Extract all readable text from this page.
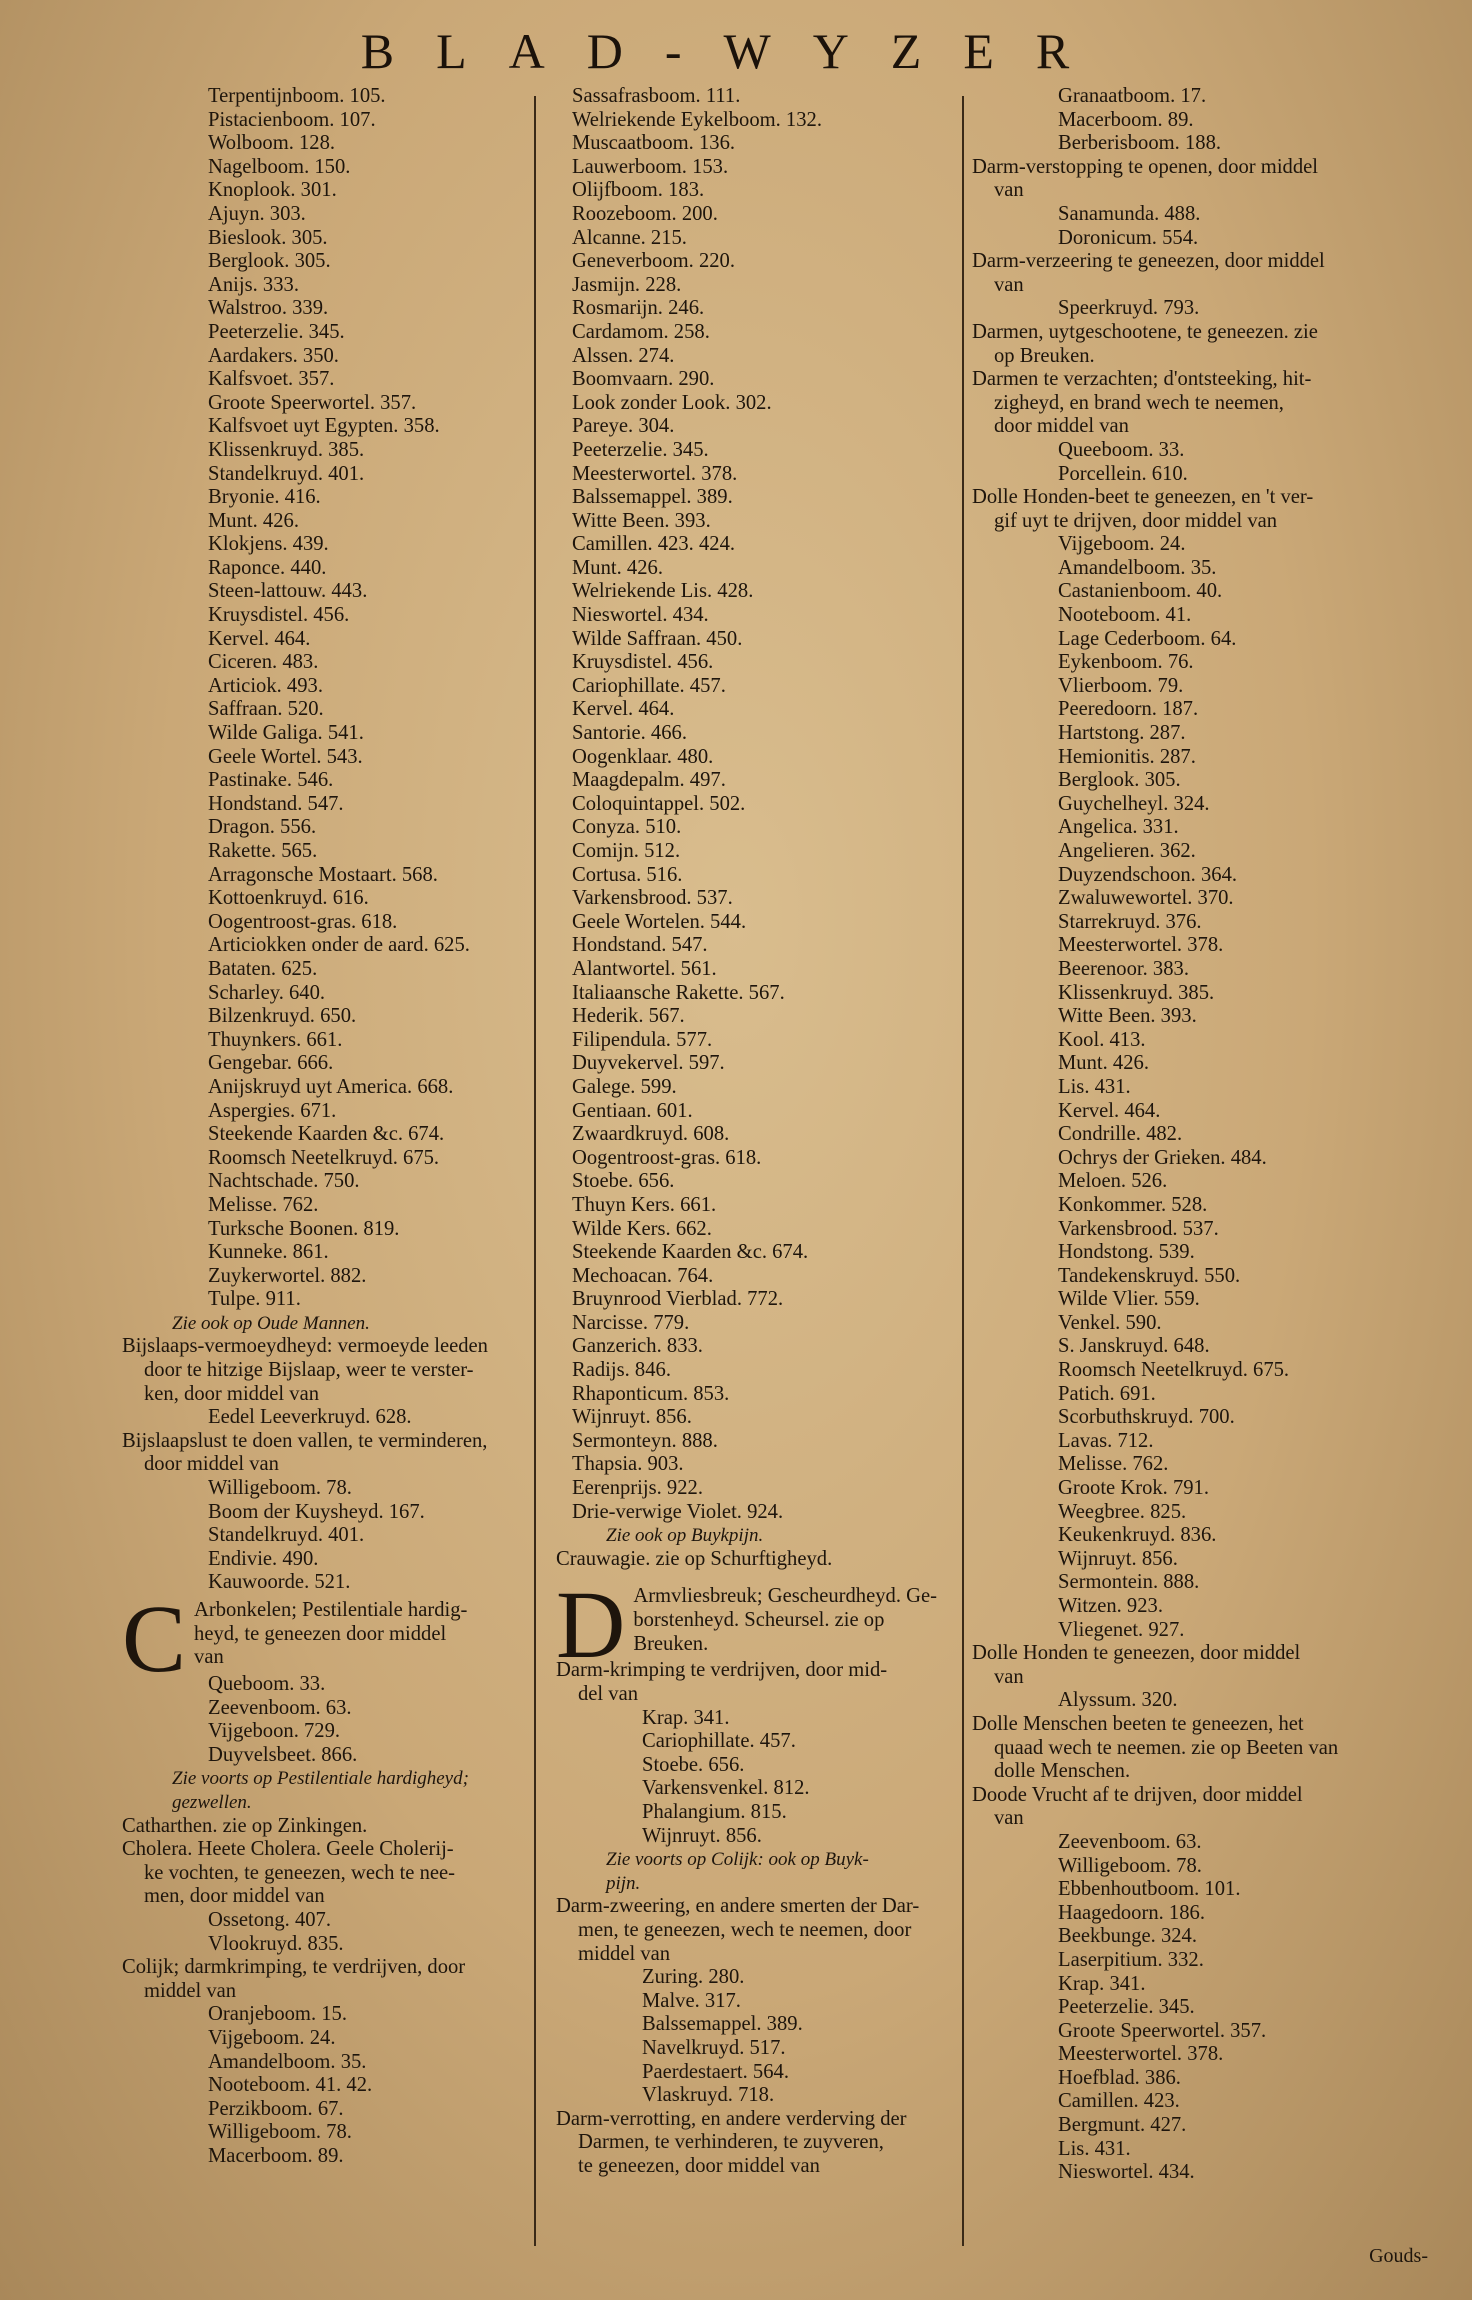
BLAD-WYZER
Terpentijnboom. 105.
Pistacienboom. 107.
Wolboom. 128.
Nagelboom. 150.
Knoplook. 301.
Ajuyn. 303.
Bieslook. 305.
Berglook. 305.
Anijs. 333.
Walstroo. 339.
Peeterzelie. 345.
Aardakers. 350.
Kalfsvoet. 357.
Groote Speerwortel. 357.
Kalfsvoet uyt Egypten. 358.
Klissenkruyd. 385.
Standelkruyd. 401.
Bryonie. 416.
Munt. 426.
Klokjens. 439.
Raponce. 440.
Steen-lattouw. 443.
Kruysdistel. 456.
Kervel. 464.
Ciceren. 483.
Articiok. 493.
Saffraan. 520.
Wilde Galiga. 541.
Geele Wortel. 543.
Pastinake. 546.
Hondstand. 547.
Dragon. 556.
Rakette. 565.
Arragonsche Mostaart. 568.
Kottoenkruyd. 616.
Oogentroost-gras. 618.
Articiokken onder de aard. 625.
Bataten. 625.
Scharley. 640.
Bilzenkruyd. 650.
Thuynkers. 661.
Gengebar. 666.
Anijskruyd uyt America. 668.
Aspergies. 671.
Steekende Kaarden &c. 674.
Roomsch Neetelkruyd. 675.
Nachtschade. 750.
Melisse. 762.
Turksche Boonen. 819.
Kunneke. 861.
Zuykerwortel. 882.
Tulpe. 911.
Zie ook op Oude Mannen.
Bijslaaps-vermoeydheyd: vermoeyde leeden
door te hitzige Bijslaap, weer te verster-
ken, door middel van
Eedel Leeverkruyd. 628.
Bijslaapslust te doen vallen, te verminderen,
door middel van
Willigeboom. 78.
Boom der Kuysheyd. 167.
Standelkruyd. 401.
Endivie. 490.
Kauwoorde. 521.
C Arbonkelen; Pestilentiale hardig-
heyd, te geneezen door middel
van
Queboom. 33.
Zeevenboom. 63.
Vijgeboon. 729.
Duyvelsbeet. 866.
Zie voorts op Pestilentiale hardigheyd;
gezwellen.
Catharthen. zie op Zinkingen.
Cholera. Heete Cholera. Geele Cholerij-
ke vochten, te geneezen, wech te nee-
men, door middel van
Ossetong. 407.
Vlookruyd. 835.
Colijk; darmkrimping, te verdrijven, door
middel van
Oranjeboom. 15.
Vijgeboom. 24.
Amandelboom. 35.
Nooteboom. 41. 42.
Perzikboom. 67.
Willigeboom. 78.
Macerboom. 89.
Sassafrasboom. 111.
Welriekende Eykelboom. 132.
Muscaatboom. 136.
Lauwerboom. 153.
Olijfboom. 183.
Roozeboom. 200.
Alcanne. 215.
Geneverboom. 220.
Jasmijn. 228.
Rosmarijn. 246.
Cardamom. 258.
Alssen. 274.
Boomvaarn. 290.
Look zonder Look. 302.
Pareye. 304.
Peeterzelie. 345.
Meesterwortel. 378.
Balssemappel. 389.
Witte Been. 393.
Camillen. 423. 424.
Munt. 426.
Welriekende Lis. 428.
Nieswortel. 434.
Wilde Saffraan. 450.
Kruysdistel. 456.
Cariophillate. 457.
Kervel. 464.
Santorie. 466.
Oogenklaar. 480.
Maagdepalm. 497.
Coloquintappel. 502.
Conyza. 510.
Comijn. 512.
Cortusa. 516.
Varkensbrood. 537.
Geele Wortelen. 544.
Hondstand. 547.
Alantwortel. 561.
Italiaansche Rakette. 567.
Hederik. 567.
Filipendula. 577.
Duyvekervel. 597.
Galege. 599.
Gentiaan. 601.
Zwaardkruyd. 608.
Oogentroost-gras. 618.
Stoebe. 656.
Thuyn Kers. 661.
Wilde Kers. 662.
Steekende Kaarden &c. 674.
Mechoacan. 764.
Bruynrood Vierblad. 772.
Narcisse. 779.
Ganzerich. 833.
Radijs. 846.
Rhaponticum. 853.
Wijnruyt. 856.
Sermonteyn. 888.
Thapsia. 903.
Eerenprijs. 922.
Drie-verwige Violet. 924.
Zie ook op Buykpijn.
Crauwagie. zie op Schurftigheyd.
D Armvliesbreuk; Gescheurdheyd. Ge-
borstenheyd. Scheursel. zie op
Breuken.
Darm-krimping te verdrijven, door mid-
del van
Krap. 341.
Cariophillate. 457.
Stoebe. 656.
Varkensvenkel. 812.
Phalangium. 815.
Wijnruyt. 856.
Zie voorts op Colijk: ook op Buyk-
pijn.
Darm-zweering, en andere smerten der Dar-
men, te geneezen, wech te neemen, door
middel van
Zuring. 280.
Malve. 317.
Balssemappel. 389.
Navelkruyd. 517.
Paerdestaert. 564.
Vlaskruyd. 718.
Darm-verrotting, en andere verderving der
Darmen, te verhinderen, te zuyveren,
te geneezen, door middel van
Granaatboom. 17.
Macerboom. 89.
Berberisboom. 188.
Darm-verstopping te openen, door middel
van
Sanamunda. 488.
Doronicum. 554.
Darm-verzeering te geneezen, door middel
van
Speerkruyd. 793.
Darmen, uytgeschootene, te geneezen. zie
op Breuken.
Darmen te verzachten; d'ontsteeking, hit-
zigheyd, en brand wech te neemen,
door middel van
Queeboom. 33.
Porcellein. 610.
Dolle Honden-beet te geneezen, en 't ver-
gif uyt te drijven, door middel van
Vijgeboom. 24.
Amandelboom. 35.
Castanienboom. 40.
Nooteboom. 41.
Lage Cederboom. 64.
Eykenboom. 76.
Vlierboom. 79.
Peeredoorn. 187.
Hartstong. 287.
Hemionitis. 287.
Berglook. 305.
Guychelheyl. 324.
Angelica. 331.
Angelieren. 362.
Duyzendschoon. 364.
Zwaluwewortel. 370.
Starrekruyd. 376.
Meesterwortel. 378.
Beerenoor. 383.
Klissenkruyd. 385.
Witte Been. 393.
Kool. 413.
Munt. 426.
Lis. 431.
Kervel. 464.
Condrille. 482.
Ochrys der Grieken. 484.
Meloen. 526.
Konkommer. 528.
Varkensbrood. 537.
Hondstong. 539.
Tandekenskruyd. 550.
Wilde Vlier. 559.
Venkel. 590.
S. Janskruyd. 648.
Roomsch Neetelkruyd. 675.
Patich. 691.
Scorbuthskruyd. 700.
Lavas. 712.
Melisse. 762.
Groote Krok. 791.
Weegbree. 825.
Keukenkruyd. 836.
Wijnruyt. 856.
Sermontein. 888.
Witzen. 923.
Vliegenet. 927.
Dolle Honden te geneezen, door middel
van
Alyssum. 320.
Dolle Menschen beeten te geneezen, het
quaad wech te neemen. zie op Beeten van
dolle Menschen.
Doode Vrucht af te drijven, door middel
van
Zeevenboom. 63.
Willigeboom. 78.
Ebbenhoutboom. 101.
Haagedoorn. 186.
Beekbunge. 324.
Laserpitium. 332.
Krap. 341.
Peeterzelie. 345.
Groote Speerwortel. 357.
Meesterwortel. 378.
Hoefblad. 386.
Camillen. 423.
Bergmunt. 427.
Lis. 431.
Nieswortel. 434.
Gouds-
